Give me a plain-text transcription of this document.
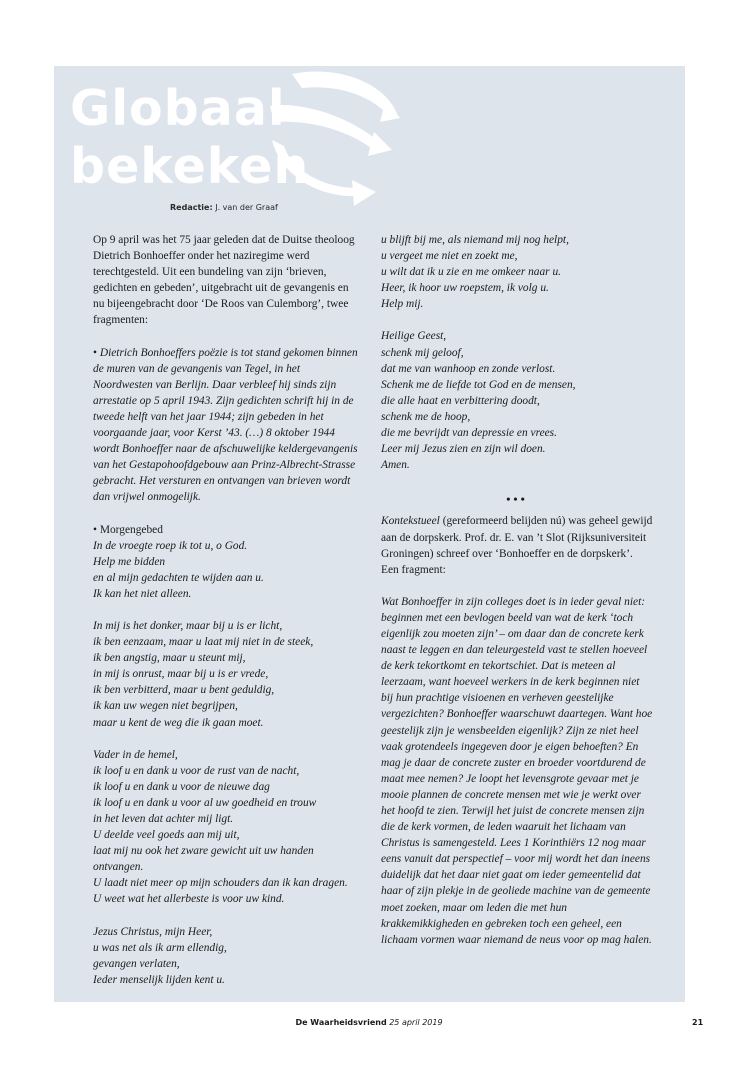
Globaal
bekeken
Redactie: J. van der Graaf

Op 9 april was het 75 jaar geleden dat de Duitse theoloog Dietrich Bonhoeffer onder het naziregime werd terechtgesteld. Uit een bundeling van zijn ‘brieven, gedichten en gebeden’, uitgebracht uit de gevangenis en nu bijeengebracht door ‘De Roos van Culemborg’, twee fragmenten:

• Dietrich Bonhoeffers poëzie is tot stand gekomen binnen de muren van de gevangenis van Tegel, in het Noordwesten van Berlijn. Daar verbleef hij sinds zijn arrestatie op 5 april 1943. Zijn gedichten schrift hij in de tweede helft van het jaar 1944; zijn gebeden in het voorgaande jaar, voor Kerst ’43. (…) 8 oktober 1944 wordt Bonhoeffer naar de afschuwelijke keldergevangenis van het Gestapohoofdgebouw aan Prinz-Albrecht-Strasse gebracht. Het versturen en ontvangen van brieven wordt dan vrijwel onmogelijk.

• Morgengebed

In de vroegte roep ik tot u, o God.

Help me bidden

en al mijn gedachten te wijden aan u.

Ik kan het niet alleen.

In mij is het donker, maar bij u is er licht,

ik ben eenzaam, maar u laat mij niet in de steek,

ik ben angstig, maar u steunt mij,

in mij is onrust, maar bij u is er vrede,

ik ben verbitterd, maar u bent geduldig,

ik kan uw wegen niet begrijpen,

maar u kent de weg die ik gaan moet.

Vader in de hemel,

ik loof u en dank u voor de rust van de nacht,

ik loof u en dank u voor de nieuwe dag

ik loof u en dank u voor al uw goedheid en trouw

in het leven dat achter mij ligt.

U deelde veel goeds aan mij uit,

laat mij nu ook het zware gewicht uit uw handen

ontvangen.

U laadt niet meer op mijn schouders dan ik kan dragen.

U weet wat het allerbeste is voor uw kind.

Jezus Christus, mijn Heer,

u was net als ik arm ellendig,

gevangen verlaten,

Ieder menselijk lijden kent u.

u blijft bij me, als niemand mij nog helpt,

u vergeet me niet en zoekt me,

u wilt dat ik u zie en me omkeer naar u.

Heer, ik hoor uw roepstem, ik volg u.

Help mij.

Heilige Geest,

schenk mij geloof,

dat me van wanhoop en zonde verlost.

Schenk me de liefde tot God en de mensen,

die alle haat en verbittering doodt,

schenk me de hoop,

die me bevrijdt van depressie en vrees.

Leer mij Jezus zien en zijn wil doen.

Amen.

•••

Kontekstueel (gereformeerd belijden nú) was geheel gewijd aan de dorpskerk. Prof. dr. E. van ’t Slot (Rijksuniversiteit Groningen) schreef over ‘Bonhoeffer en de dorpskerk’. Een fragment:

Wat Bonhoeffer in zijn colleges doet is in ieder geval niet: beginnen met een bevlogen beeld van wat de kerk ‘toch eigenlijk zou moeten zijn’ – om daar dan de concrete kerk naast te leggen en dan teleurgesteld vast te stellen hoeveel de kerk tekortkomt en tekortschiet. Dat is meteen al leerzaam, want hoeveel werkers in de kerk beginnen niet bij hun prachtige visioenen en verheven geestelijke vergezichten? Bonhoeffer waarschuwt daartegen. Want hoe geestelijk zijn je wensbeelden eigenlijk? Zijn ze niet heel vaak grotendeels ingegeven door je eigen behoeften? En mag je daar de concrete zuster en broeder voortdurend de maat mee nemen? Je loopt het levensgrote gevaar met je mooie plannen de concrete mensen met wie je werkt over het hoofd te zien. Terwijl het juist de concrete mensen zijn die de kerk vormen, de leden waaruit het lichaam van Christus is samengesteld. Lees 1 Korinthiërs 12 nog maar eens vanuit dat perspectief – voor mij wordt het dan ineens duidelijk dat het daar niet gaat om ieder gemeentelid dat haar of zijn plekje in de geoliede machine van de gemeente moet zoeken, maar om leden die met hun krakkemikkigheden en gebreken toch een geheel, een lichaam vormen waar niemand de neus voor op mag halen.

De Waarheidsvriend 25 april 2019	21
